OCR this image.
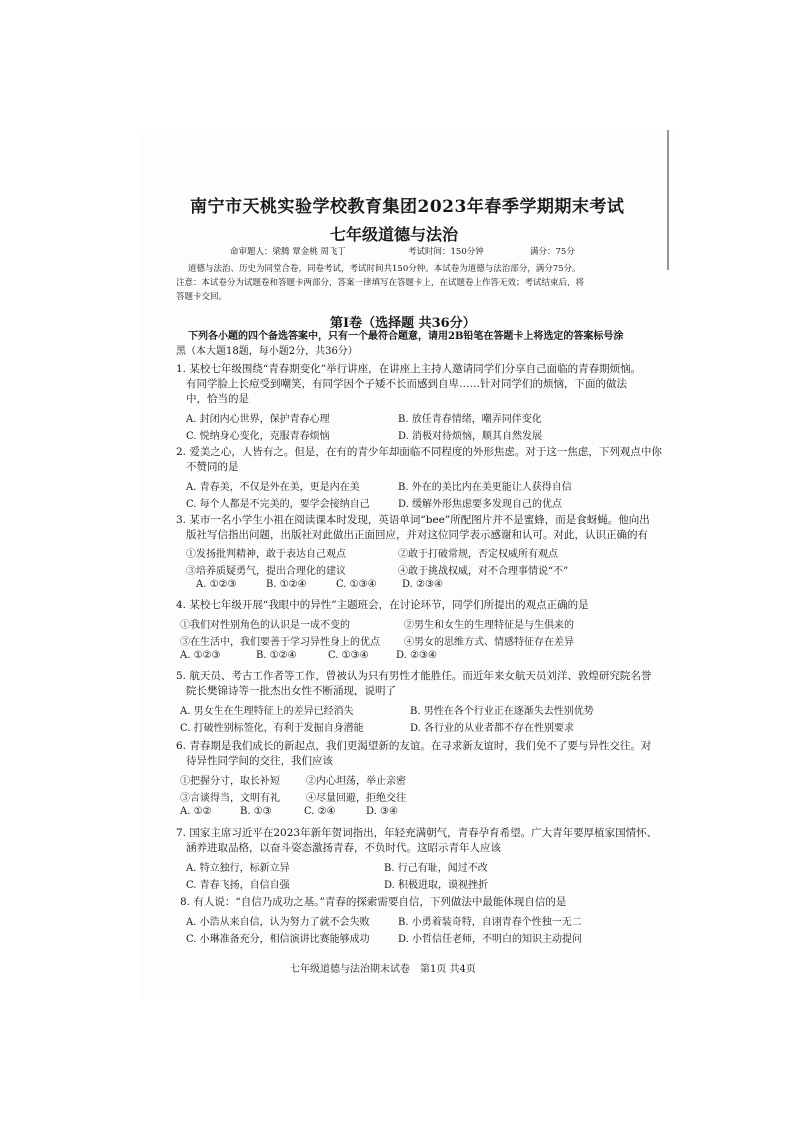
南宁市天桃实验学校教育集团2023年春季学期期末考试
七年级道德与法治
命审题人：梁腾 覃金桃 周飞丁	考试时间：150分钟	满分：75分
道德与法治、历史为同堂合卷，同卷考试，考试时间共150分钟。本试卷为道德与法治部分，满分75分。
注意：本试卷分为试题卷和答题卡两部分，答案一律填写在答题卡上，在试题卷上作答无效；考试结束后，将
答题卡交回。
第Ⅰ卷（选择题 共36分）
下列各小题的四个备选答案中，只有一个最符合题意，请用2B铅笔在答题卡上将选定的答案标号涂
黑（本大题18题，每小题2分，共36分）
1. 某校七年级围绕“青春期变化”举行讲座，在讲座上主持人邀请同学们分享自己面临的青春期烦恼。
有同学脸上长痘受到嘲笑，有同学因个子矮不长而感到自卑……针对同学们的烦恼，下面的做法
中，恰当的是
A. 封闭内心世界，保护青春心理	B. 放任青春情绪，嘲弄同伴变化
C. 悦纳身心变化，克服青春烦恼	D. 消极对待烦恼，顺其自然发展
2. 爱美之心，人皆有之。但是，在有的青少年却面临不同程度的外形焦虑。对于这一焦虑，下列观点中你
不赞同的是
A. 青春美，不仅是外在美，更是内在美	B. 外在的美比内在美更能让人获得自信
C. 每个人都是不完美的，要学会接纳自己	D. 缓解外形焦虑要多发现自己的优点
3. 某市一名小学生小祖在阅读课本时发现，英语单词“bee”所配图片并不是蜜蜂，而是食蚜蝇。他向出
版社写信指出问题，出版社对此做出正面回应，并对这位同学表示感谢和认可。对此，认识正确的有
①发扬批判精神，敢于表达自己观点	②敢于打破常规，否定权威所有观点
③培养质疑勇气，提出合理化的建议	④敢于挑战权威，对不合理事情说“不”
A. ①②③	B. ①②④	C. ①③④	D. ②③④
4. 某校七年级开展“我眼中的异性”主题班会，在讨论环节，同学们所提出的观点正确的是
①我们对性别角色的认识是一成不变的	②男生和女生的生理特征是与生俱来的
③在生活中，我们要善于学习异性身上的优点 ④男女的思维方式、情感特征存在差异
A. ①②③	B. ①②④	C. ①③④	D. ②③④
5. 航天员、考古工作者等工作，曾被认为只有男性才能胜任。而近年来女航天员刘洋、敦煌研究院名誉
院长樊锦诗等一批杰出女性不断涌现，说明了
A. 男女生在生理特征上的差异已经消失	B. 男性在各个行业正在逐渐失去性别优势
C. 打破性别标签化，有利于发掘自身潜能	D. 各行业的从业者都不存在性别要求
6. 青春期是我们成长的新起点，我们更渴望新的友谊。在寻求新友谊时，我们免不了要与异性交往。对
待异性同学间的交往，我们应该
①把握分寸，取长补短	②内心坦荡，举止亲密
③言谈得当，文明有礼	④尽量回避，拒绝交往
A. ①②	B. ①③	C. ②④	D. ③④
7. 国家主席习近平在2023年新年贺词指出，年轻充满朝气，青春孕育希望。广大青年要厚植家国情怀、
涵养进取品格，以奋斗姿态激扬青春，不负时代。这昭示青年人应该
A. 特立独行，标新立异	B. 行己有耻，闻过不改
C. 青春飞扬，自信自强	D. 积极进取，谟视挫折
8. 有人说：“自信乃成功之基。”青春的探索需要自信，下列做法中最能体现自信的是
A. 小浩从来自信，认为努力了就不会失败	B. 小勇着装奇特，自诩青春个性独一无二
C. 小琳准备充分，相信演讲比赛能够成功	D. 小哲信任老师，不明白的知识主动提问
七年级道德与法治期末试卷　第1页 共4页
